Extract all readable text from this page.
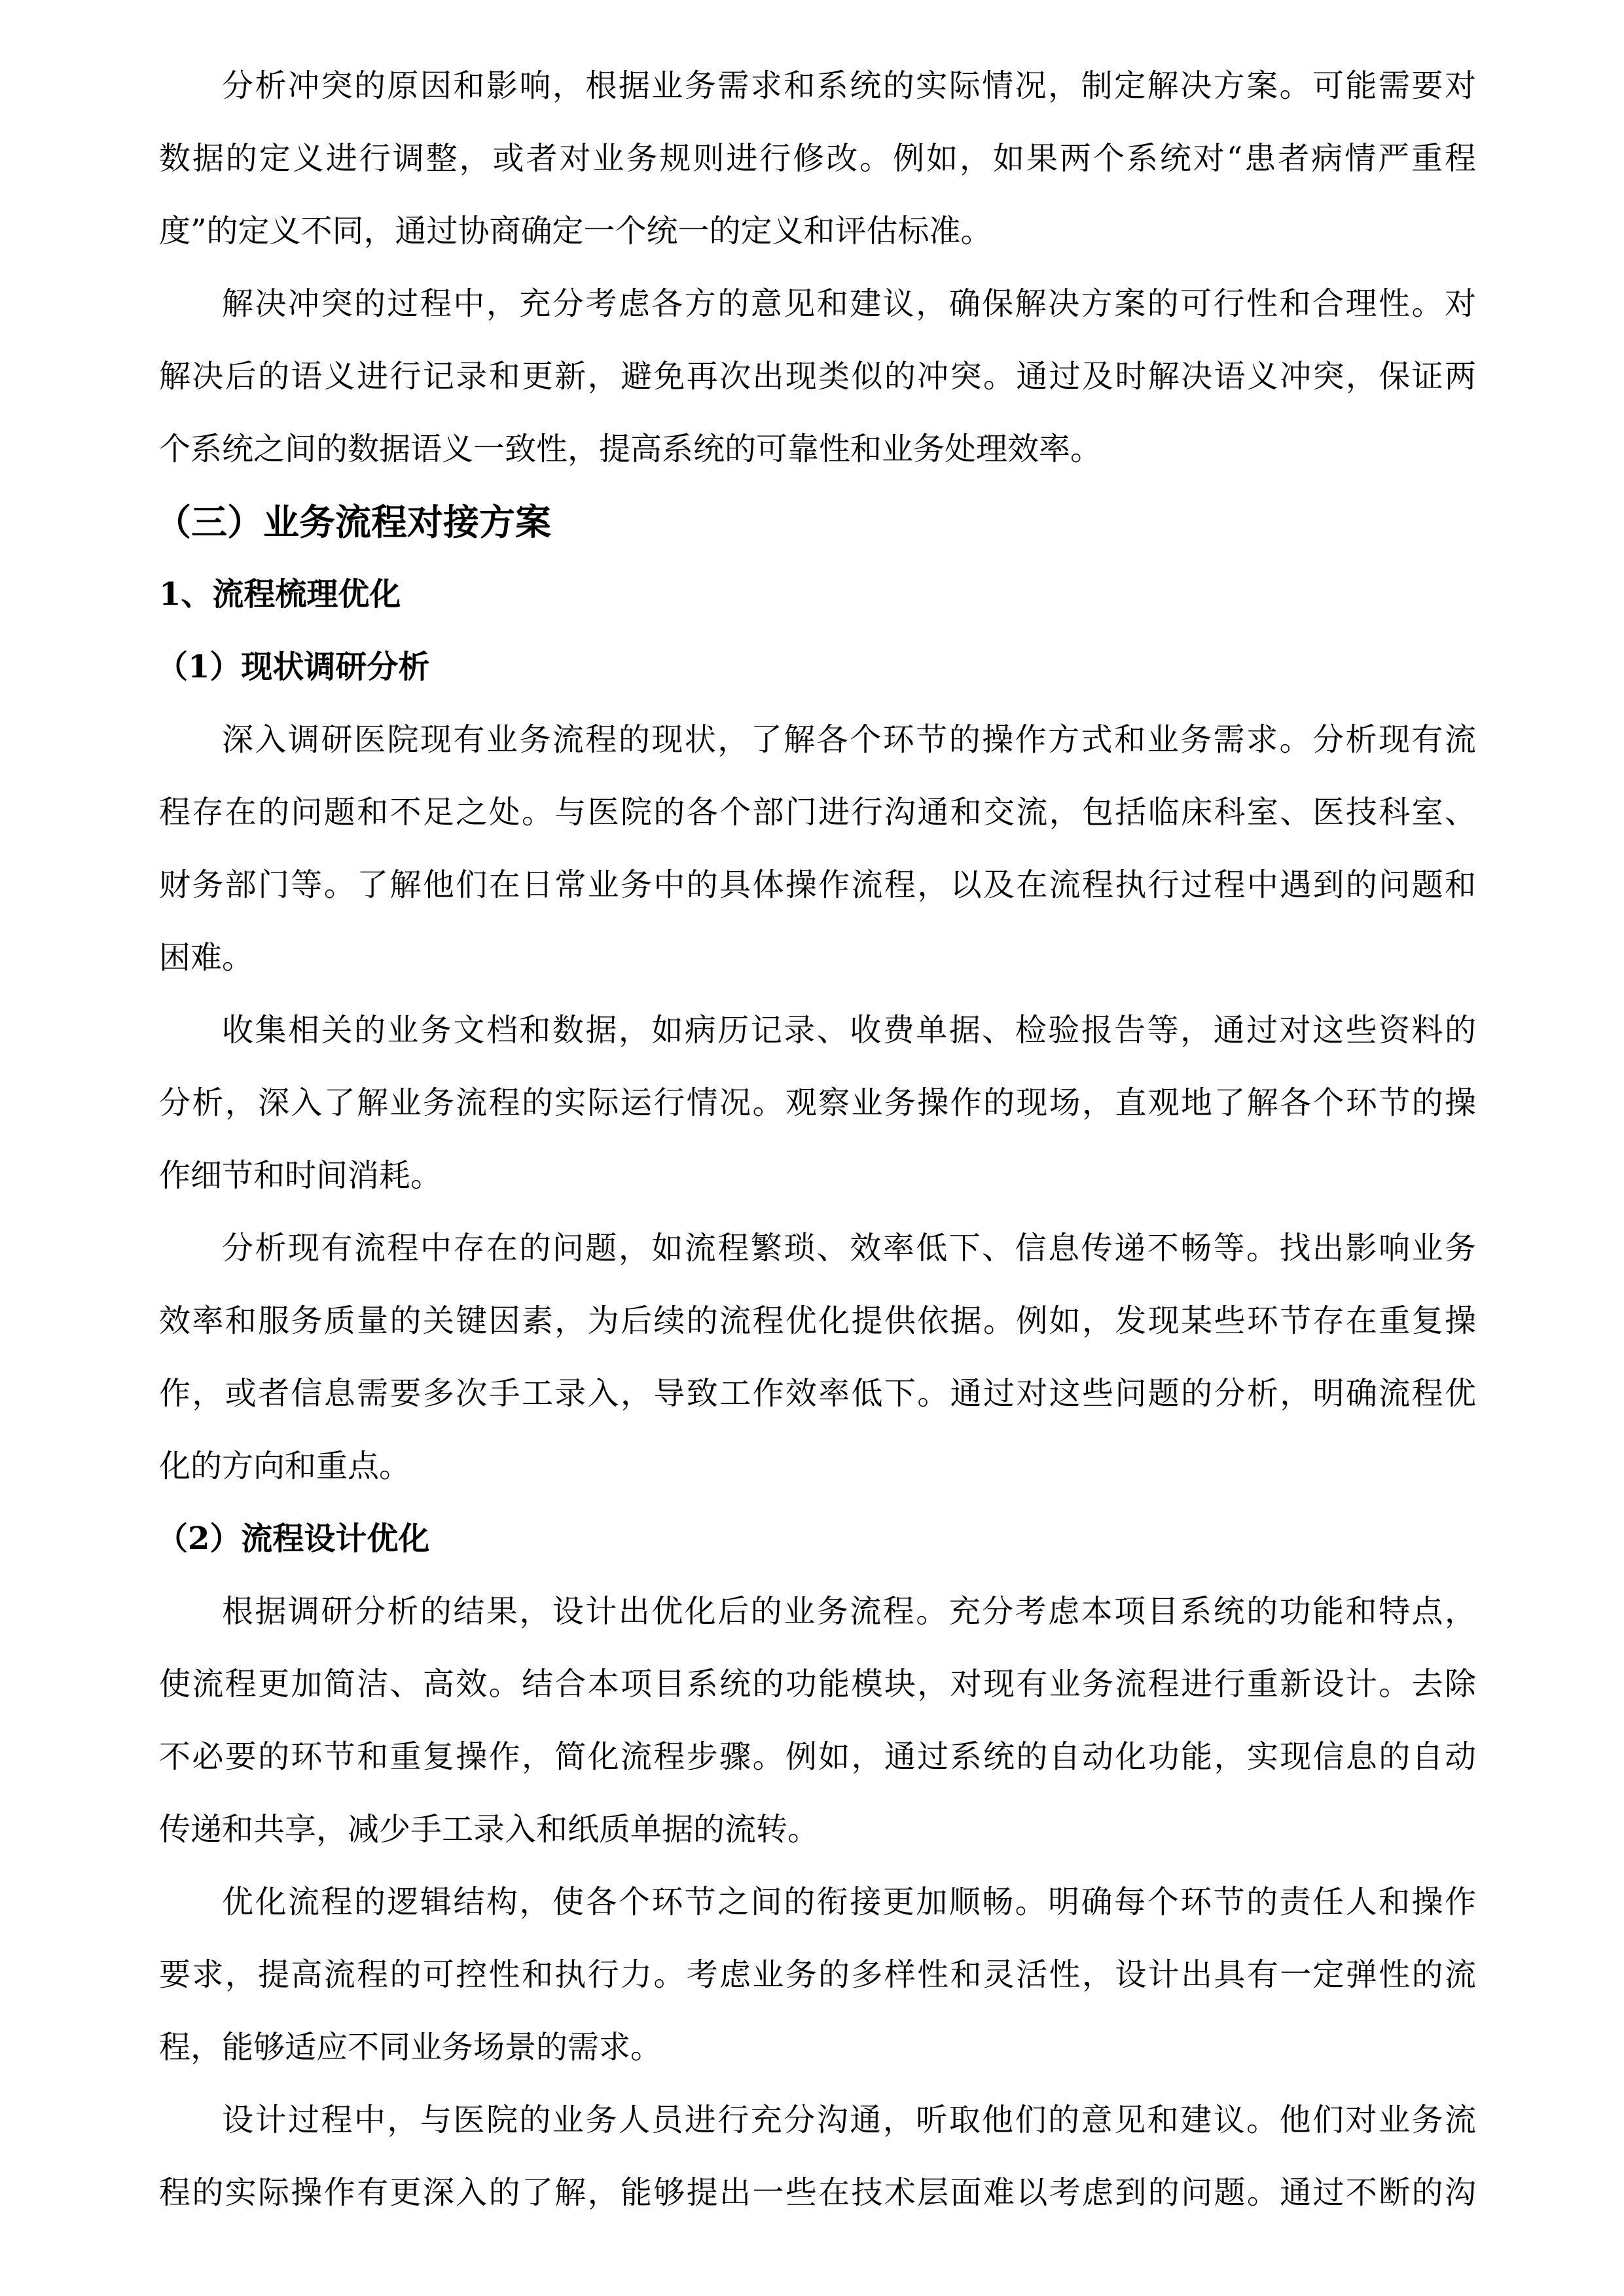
分析冲突的原因和影响，根据业务需求和系统的实际情况，制定解决方案。可能需要对
数据的定义进行调整，或者对业务规则进行修改。例如，如果两个系统对“患者病情严重程
度”的定义不同，通过协商确定一个统一的定义和评估标准。
解决冲突的过程中，充分考虑各方的意见和建议，确保解决方案的可行性和合理性。对
解决后的语义进行记录和更新，避免再次出现类似的冲突。通过及时解决语义冲突，保证两
个系统之间的数据语义一致性，提高系统的可靠性和业务处理效率。
（三）业务流程对接方案
1、流程梳理优化
（1）现状调研分析
深入调研医院现有业务流程的现状，了解各个环节的操作方式和业务需求。分析现有流
程存在的问题和不足之处。与医院的各个部门进行沟通和交流，包括临床科室、医技科室、
财务部门等。了解他们在日常业务中的具体操作流程，以及在流程执行过程中遇到的问题和
困难。
收集相关的业务文档和数据，如病历记录、收费单据、检验报告等，通过对这些资料的
分析，深入了解业务流程的实际运行情况。观察业务操作的现场，直观地了解各个环节的操
作细节和时间消耗。
分析现有流程中存在的问题，如流程繁琐、效率低下、信息传递不畅等。找出影响业务
效率和服务质量的关键因素，为后续的流程优化提供依据。例如，发现某些环节存在重复操
作，或者信息需要多次手工录入，导致工作效率低下。通过对这些问题的分析，明确流程优
化的方向和重点。
（2）流程设计优化
根据调研分析的结果，设计出优化后的业务流程。充分考虑本项目系统的功能和特点，
使流程更加简洁、高效。结合本项目系统的功能模块，对现有业务流程进行重新设计。去除
不必要的环节和重复操作，简化流程步骤。例如，通过系统的自动化功能，实现信息的自动
传递和共享，减少手工录入和纸质单据的流转。
优化流程的逻辑结构，使各个环节之间的衔接更加顺畅。明确每个环节的责任人和操作
要求，提高流程的可控性和执行力。考虑业务的多样性和灵活性，设计出具有一定弹性的流
程，能够适应不同业务场景的需求。
设计过程中，与医院的业务人员进行充分沟通，听取他们的意见和建议。他们对业务流
程的实际操作有更深入的了解，能够提出一些在技术层面难以考虑到的问题。通过不断的沟
